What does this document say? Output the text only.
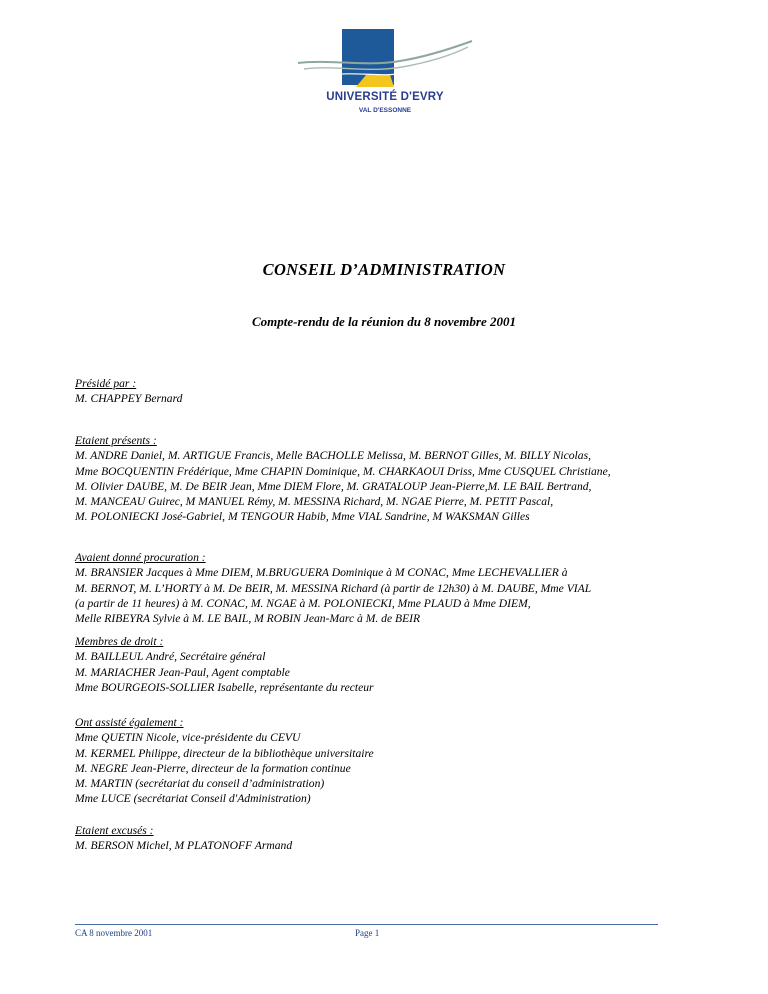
UNIVERSITÉ D'EVRY
VAL D'ESSONNE
CONSEIL D’ADMINISTRATION
Compte-rendu de la réunion du 8 novembre 2001
Présidé par :
M. CHAPPEY Bernard
Etaient présents :
M. ANDRE Daniel, M. ARTIGUE Francis, Melle BACHOLLE Melissa, M. BERNOT Gilles, M. BILLY Nicolas,
Mme BOCQUENTIN Frédérique, Mme CHAPIN Dominique, M. CHARKAOUI Driss, Mme CUSQUEL Christiane,
M. Olivier DAUBE, M. De BEIR Jean, Mme DIEM Flore, M. GRATALOUP Jean-Pierre,M. LE BAIL Bertrand,
M. MANCEAU Guirec, M MANUEL Rémy, M. MESSINA Richard, M. NGAE Pierre, M. PETIT Pascal,
M. POLONIECKI José-Gabriel, M TENGOUR Habib, Mme VIAL Sandrine, M WAKSMAN Gilles
Avaient donné procuration :
M. BRANSIER Jacques à Mme DIEM, M.BRUGUERA Dominique à M CONAC, Mme LECHEVALLIER à
M. BERNOT, M. L’HORTY à M. De BEIR, M. MESSINA Richard (à partir de 12h30) à M. DAUBE, Mme VIAL
(a partir de 11 heures) à M. CONAC, M. NGAE à M. POLONIECKI, Mme PLAUD à Mme DIEM,
Melle RIBEYRA Sylvie à M. LE BAIL, M ROBIN Jean-Marc à M. de BEIR
Membres de droit :
M. BAILLEUL André, Secrétaire général
M. MARIACHER Jean-Paul, Agent comptable
Mme BOURGEOIS-SOLLIER Isabelle, représentante du recteur
Ont assisté également :
Mme QUETIN Nicole, vice-présidente du CEVU
M. KERMEL Philippe, directeur de la bibliothèque universitaire
M. NEGRE Jean-Pierre, directeur de la formation continue
M. MARTIN (secrétariat du conseil d’administration)
Mme LUCE (secrétariat Conseil d'Administration)
Etaient excusés :
M. BERSON Michel, M PLATONOFF Armand
CA 8 novembre 2001	Page 1
